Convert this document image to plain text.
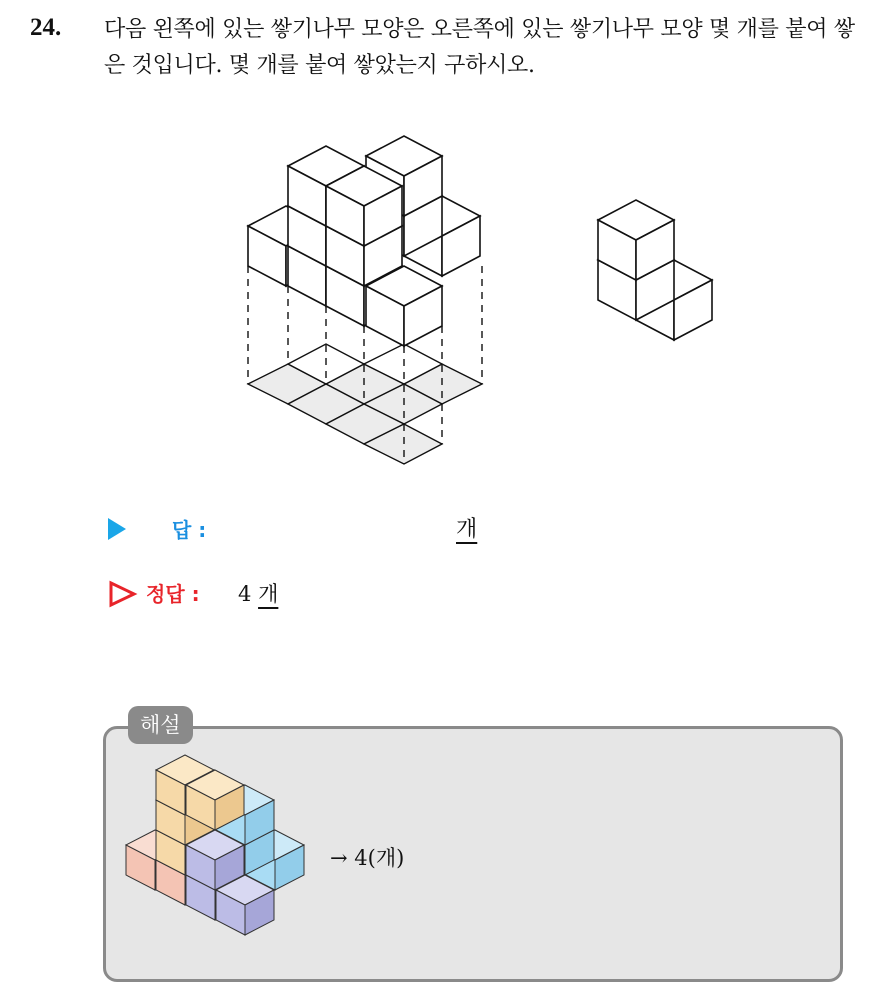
24. 다음 왼쪽에 있는 쌓기나무 모양은 오른쪽에 있는 쌓기나무 모양 몇 개를 붙여 쌓은 것입니다. 몇 개를 붙여 쌓았는지 구하시오.
답 :	개
정답 : 4 개
해설
→ 4(개)
